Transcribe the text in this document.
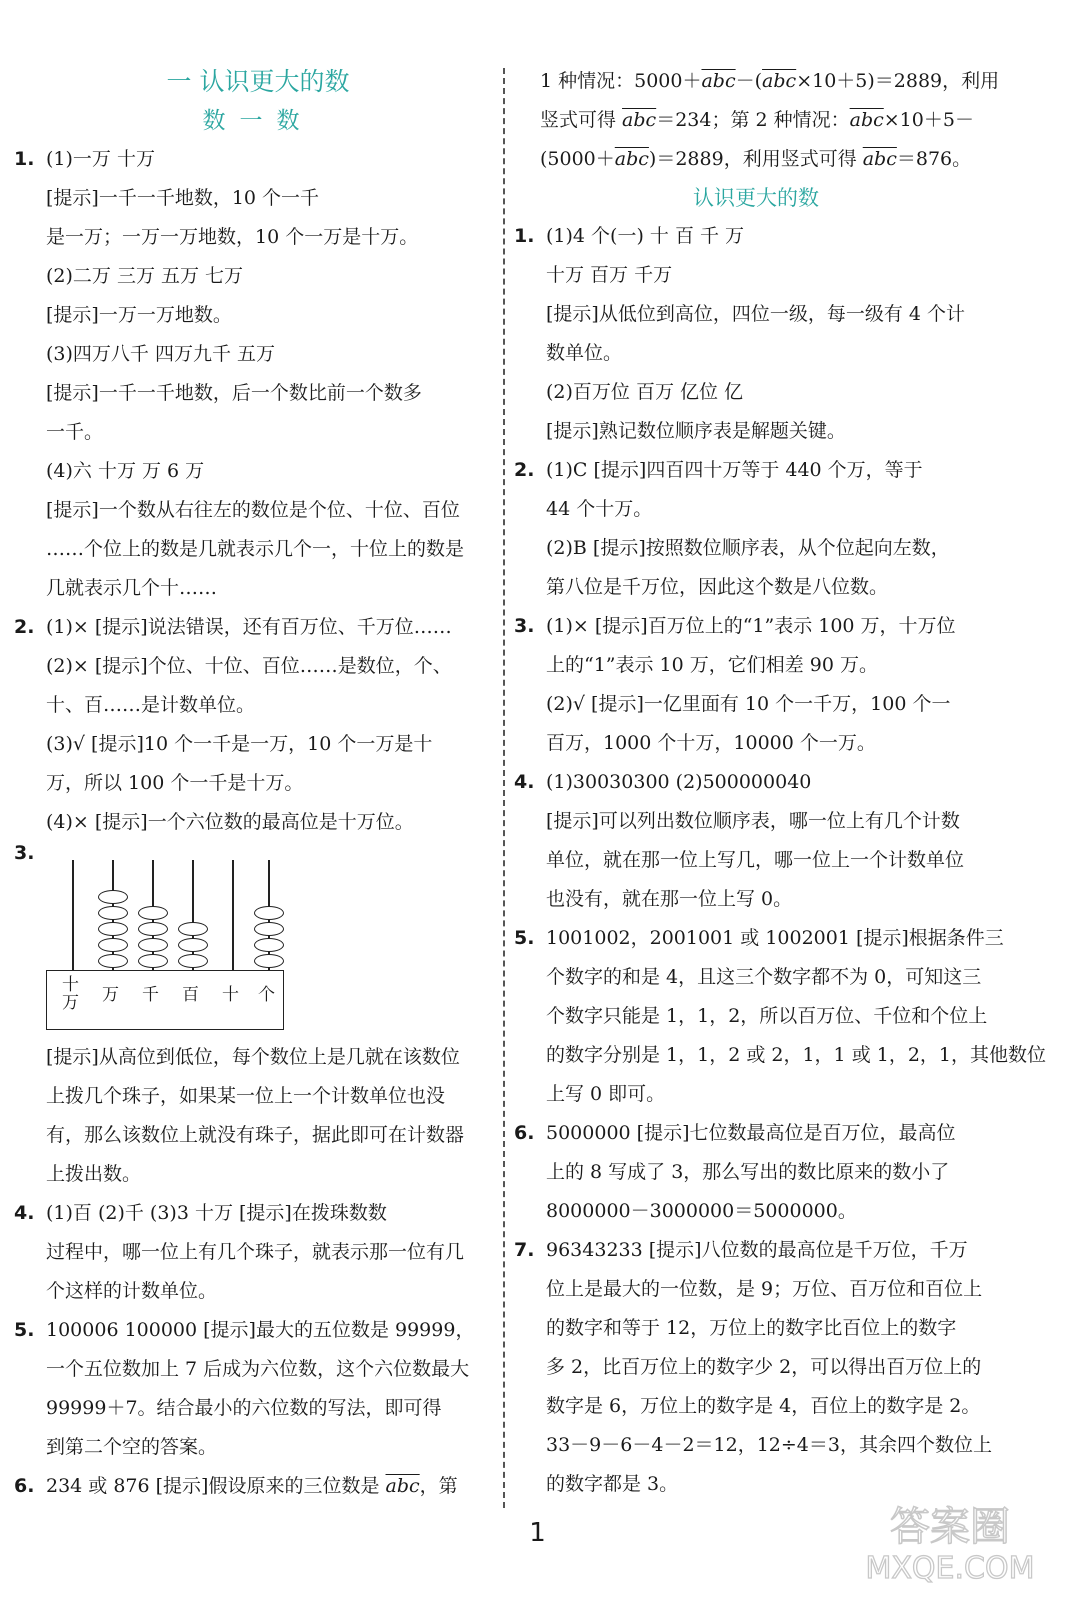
一 认识更大的数
数一数
1. (1)一万 十万
[提示]一千一千地数，10 个一千
是一万；一万一万地数，10 个一万是十万。
(2)二万 三万 五万 七万
[提示]一万一万地数。
(3)四万八千 四万九千 五万
[提示]一千一千地数，后一个数比前一个数多
一千。
(4)六 十万 万 6 万
[提示]一个数从右往左的数位是个位、十位、百位
……个位上的数是几就表示几个一，十位上的数是
几就表示几个十……
2. (1)× [提示]说法错误，还有百万位、千万位……
(2)× [提示]个位、十位、百位……是数位，个、
十、百……是计数单位。
(3)√ [提示]10 个一千是一万，10 个一万是十
万，所以 100 个一千是十万。
(4)× [提示]一个六位数的最高位是十万位。
3.
十
万 万 千 百 十 个
[提示]从高位到低位，每个数位上是几就在该数位
上拨几个珠子，如果某一位上一个计数单位也没
有，那么该数位上就没有珠子，据此即可在计数器
上拨出数。
4. (1)百 (2)千 (3)3 十万 [提示]在拨珠数数
过程中，哪一位上有几个珠子，就表示那一位有几
个这样的计数单位。
5. 100006 100000 [提示]最大的五位数是 99999，
一个五位数加上 7 后成为六位数，这个六位数最大
99999＋7。结合最小的六位数的写法，即可得
到第二个空的答案。
6. 234 或 876 [提示]假设原来的三位数是 $\overline{abc}$，第
1 种情况：$5000+\overline{abc}-(\overline{abc}\times 10+5)=2889$，利用
竖式可得 $\overline{abc}=234$；第 2 种情况：$\overline{abc}\times 10+5-$
$(5000+\overline{abc})=2889$，利用竖式可得 $\overline{abc}=876$。
认识更大的数
1. (1)4 个(一) 十 百 千 万
十万 百万 千万
[提示]从低位到高位，四位一级，每一级有 4 个计
数单位。
(2)百万位 百万 亿位 亿
[提示]熟记数位顺序表是解题关键。
2. (1)C [提示]四百四十万等于 440 个万，等于
44 个十万。
(2)B [提示]按照数位顺序表，从个位起向左数，
第八位是千万位，因此这个数是八位数。
3. (1)× [提示]百万位上的“1”表示 100 万，十万位
上的“1”表示 10 万，它们相差 90 万。
(2)√ [提示]一亿里面有 10 个一千万，100 个一
百万，1000 个十万，10000 个一万。
4. (1)30030300 (2)500000040
[提示]可以列出数位顺序表，哪一位上有几个计数
单位，就在那一位上写几，哪一位上一个计数单位
也没有，就在那一位上写 0。
5. 1001002，2001001 或 1002001 [提示]根据条件三
个数字的和是 4，且这三个数字都不为 0，可知这三
个数字只能是 1，1，2，所以百万位、千位和个位上
的数字分别是 1，1，2 或 2，1，1 或 1，2，1，其他数位
上写 0 即可。
6. 5000000 [提示]七位数最高位是百万位，最高位
上的 8 写成了 3，那么写出的数比原来的数小了
8000000－3000000＝5000000。
7. 96343233 [提示]八位数的最高位是千万位，千万
位上是最大的一位数，是 9；万位、百万位和百位上
的数字和等于 12，万位上的数字比百位上的数字
多 2，比百万位上的数字少 2，可以得出百万位上的
数字是 6，万位上的数字是 4，百位上的数字是 2。
33－9－6－4－2＝12，12÷4＝3，其余四个数位上
的数字都是 3。
1	答案圈
MXQE.COM
